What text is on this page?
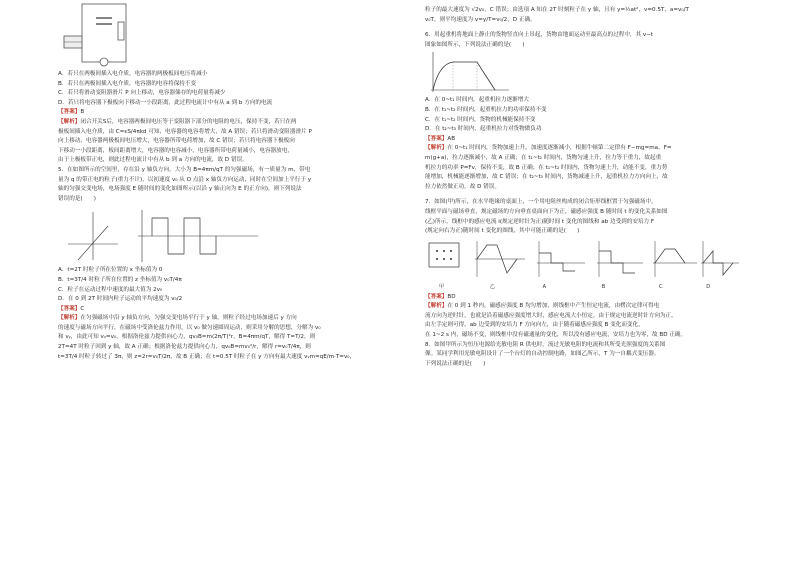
A．若只在两极间插入电介质，电容器的两极板间电压将减小
B．若只在两极间插入电介质，电容器的电容将保持不变
C．若只将滑动变阻器滑片 P 向上移动，电容器储存的电荷量将减少
D．若只将电容器下极板向下移动一小段距离，此过程电流计中有从 a 到 b 方向的电流
【答案】B
【解析】闭合开关S后，电容器两极间电压等于变阻器下部分的电阻的电压，保持不变，若只在两
极板间插入电介质，由 C=εS/4πkd 可知，电容器的电容将增大，故 A 错误；若只将滑动变阻器滑片 P
向上移动，电容器两极板间电压增大，电容器所带电荷增加，故 C 错误；若只将电容器下极板向
下移动一小段距离，板间距离增大，电容器的电容减小，电容器所带电荷量减小，电容器放电，
由于上极板带正电，则此过程电流计中有从 b 到 a 方向的电流，故 D 错误。
5．在如图所示的空间里，存在沿 y 轴负方向，大小为 B=4πm/qT 的匀强磁场，有一质量为 m，带电
量为 q 的带正电的粒子(重力不计)，以初速度 v₀ 从 O 点沿 x 轴负方向运动，同时在空间加上平行于 y
轴的匀强交变电场，电场强度 E 随时间的变化如图所示(以沿 y 轴正向为 E 的正方向)，则下列说法
错误的是(　　)
A．t=2T 时粒子所在位置的 x 坐标值为 0
B．t=3T/4 时粒子所在位置的 z 坐标值为 v₀T/4π
C．粒子在运动过程中速度的最大值为 2v₀
D．在 0 到 2T 时间内粒子运动的平均速度为 v₀/2
【答案】C
【解析】在匀强磁场中沿 y 轴负方向，匀强交变电场平行于 y 轴，则粒子经过电场加速后 y 方向
的速度与磁场方向平行，在磁场中受洛伦兹力作用，以 v₀ 做匀速圆周运动，则采用分解的思想，分解为 v₀
和 vᵧ，由此可知 vᵧ=v₀，根据洛伦兹力提供向心力，qv₀B=m(2π/T)²r，B=4πm/qT，解得 T=T/2，则
2T=4T 时粒子回到 y 轴，故 A 正确；根据洛伦兹力提供向心力，qv₀B=mv₀²/r，解得 r=v₀T/4π，则
t=3T/4 时粒子转过了 3π，则 z=2r=v₀T/2π，故 B 正确；在 t=0.5T 时粒子在 y 方向有最大速度 vᵧm=qE/m·T=v₀，
粒子的最大速度为 √2v₀，C 错误；由选项 A 知在 2T 时刻粒子在 y 轴，且有 y=½at²，v=0.5T，a=v₀/T
v₀T，则平均速度为 v=y/T=v₀/2，D 正确。
6．用起重机将地面上静止的货物竖直向上吊起，货物由地面运动至最高点的过程中，其 v−t
图象如图所示，下列说法正确的是(　　)
A．在 0~t₁ 时间内，起重机拉力逐渐增大
B．在 t₁~t₂ 时间内，起重机拉力的功率保持不变
C．在 t₁~t₂ 时间内，货物的机械能保持不变
D．在 t₂~t₃ 时间内，起重机拉力对货物做负功
【答案】AB
【解析】在 0~t₁ 时间内，货物加速上升，加速度逐渐减小，根据牛顿第二定律有 F−mg=ma，F=
m(g+a)，拉力逐渐减小，故 A 正确；在 t₁~t₂ 时间内，货物匀速上升，拉力等于重力，故起重
机拉力的功率 P=Fv，保持不变，故 B 正确；在 t₁~t₂ 时间内，货物匀速上升，动能不变，重力势
能增加，机械能逐渐增加，故 C 错误；在 t₂~t₃ 时间内，货物减速上升，起重机拉力方向向上，故
拉力依然做正功，故 D 错误。
7．如图(甲)所示，在水平绝缘的桌面上，一个用电阻丝构成的闭合矩形线框置于匀强磁场中，
线框平面与磁场垂直，规定磁场的方向垂直桌面向下为正，磁感应强度 B 随时间 t 的变化关系如图
(乙)所示。线框中的感应电流 i(规定逆时针为正)随时间 t 变化的图线和 ab 边受到的安培力 F
(规定向右为正)随时间 t 变化的图线，其中可能正确的是(　　)
甲	乙	A	B	C	D
【答案】BD
【解析】在 0 到 1 秒内，磁感应强度 B 均匀增加，则线框中产生恒定电流，由楞次定律可得电
流方向为逆时针，也就是沿着磁感应强度增大时，感应电流大小恒定。由于规定电流逆时针方向为正，
由左手定则可得，ab 边受到的安培力 F 方向向左，由于随着磁感应强度 B 变化而变化，
在 1~2 s 内，磁场不变，则线框中没有磁通量的变化，所以没有感应电流，安培力也为零，故 BD 正确。
8．如图甲所示为恒压电源给光敏电阻 R 供电时，流过光敏电阻的电流和其所受光照强度的关系图
像。某同学利用光敏电阻设计了一个台灯的自动控制电路，如图乙所示，T 为一自耦式变压器。
下列说法正确的是(　　)
